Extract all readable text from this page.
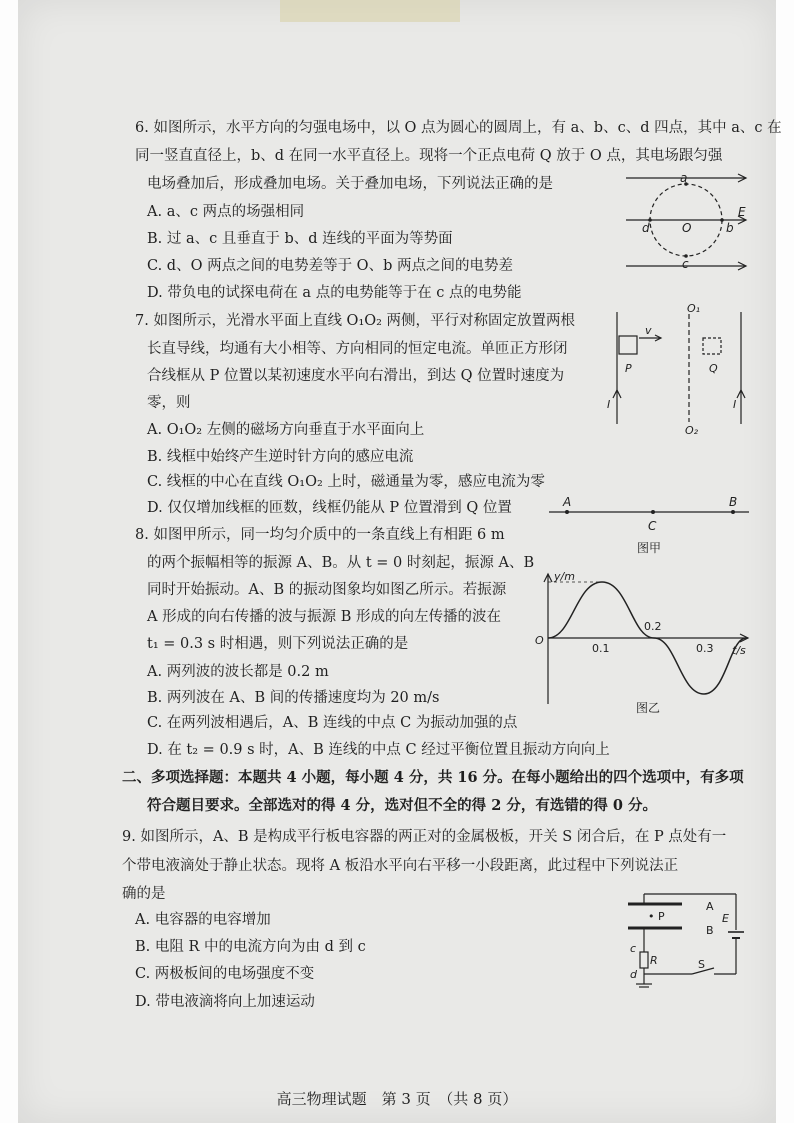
6. 如图所示，水平方向的匀强电场中，以 O 点为圆心的圆周上，有 a、b、c、d 四点，其中 a、c 在
同一竖直直径上，b、d 在同一水平直径上。现将一个正点电荷 Q 放于 O 点，其电场跟匀强
电场叠加后，形成叠加电场。关于叠加电场，下列说法正确的是
A. a、c 两点的场强相同
B. 过 a、c 且垂直于 b、d 连线的平面为等势面
C. d、O 两点之间的电势差等于 O、b 两点之间的电势差
D. 带负电的试探电荷在 a 点的电势能等于在 c 点的电势能
a
b
c
d	O
E
7. 如图所示，光滑水平面上直线 O₁O₂ 两侧，平行对称固定放置两根
长直导线，均通有大小相等、方向相同的恒定电流。单匝正方形闭
合线框从 P 位置以某初速度水平向右滑出，到达 Q 位置时速度为
零，则
A. O₁O₂ 左侧的磁场方向垂直于水平面向上
B. 线框中始终产生逆时针方向的感应电流
C. 线框的中心在直线 O₁O₂ 上时，磁通量为零，感应电流为零
D. 仅仅增加线框的匝数，线框仍能从 P 位置滑到 Q 位置
O₁
O₂
P	Q
v
I	I
8. 如图甲所示，同一均匀介质中的一条直线上有相距 6 m
的两个振幅相等的振源 A、B。从 t = 0 时刻起，振源 A、B
同时开始振动。A、B 的振动图象均如图乙所示。若振源
A 形成的向右传播的波与振源 B 形成的向左传播的波在
t₁ = 0.3 s 时相遇，则下列说法正确的是
A. 两列波的波长都是 0.2 m
B. 两列波在 A、B 间的传播速度均为 20 m/s
C. 在两列波相遇后，A、B 连线的中点 C 为振动加强的点
D. 在 t₂ = 0.9 s 时，A、B 连线的中点 C 经过平衡位置且振动方向向上
A	B
C
图甲
y/m
t/s
O
0.1
0.2
0.3
图乙
二、多项选择题：本题共 4 小题，每小题 4 分，共 16 分。在每小题给出的四个选项中，有多项
符合题目要求。全部选对的得 4 分，选对但不全的得 2 分，有选错的得 0 分。
9. 如图所示，A、B 是构成平行板电容器的两正对的金属极板，开关 S 闭合后，在 P 点处有一
个带电液滴处于静止状态。现将 A 板沿水平向右平移一小段距离，此过程中下列说法正
确的是
A. 电容器的电容增加
B. 电阻 R 中的电流方向为由 d 到 c
C. 两极板间的电场强度不变
D. 带电液滴将向上加速运动
A
B
• P	E
R	S
c
d
高三物理试题　第 3 页　（共 8 页）
